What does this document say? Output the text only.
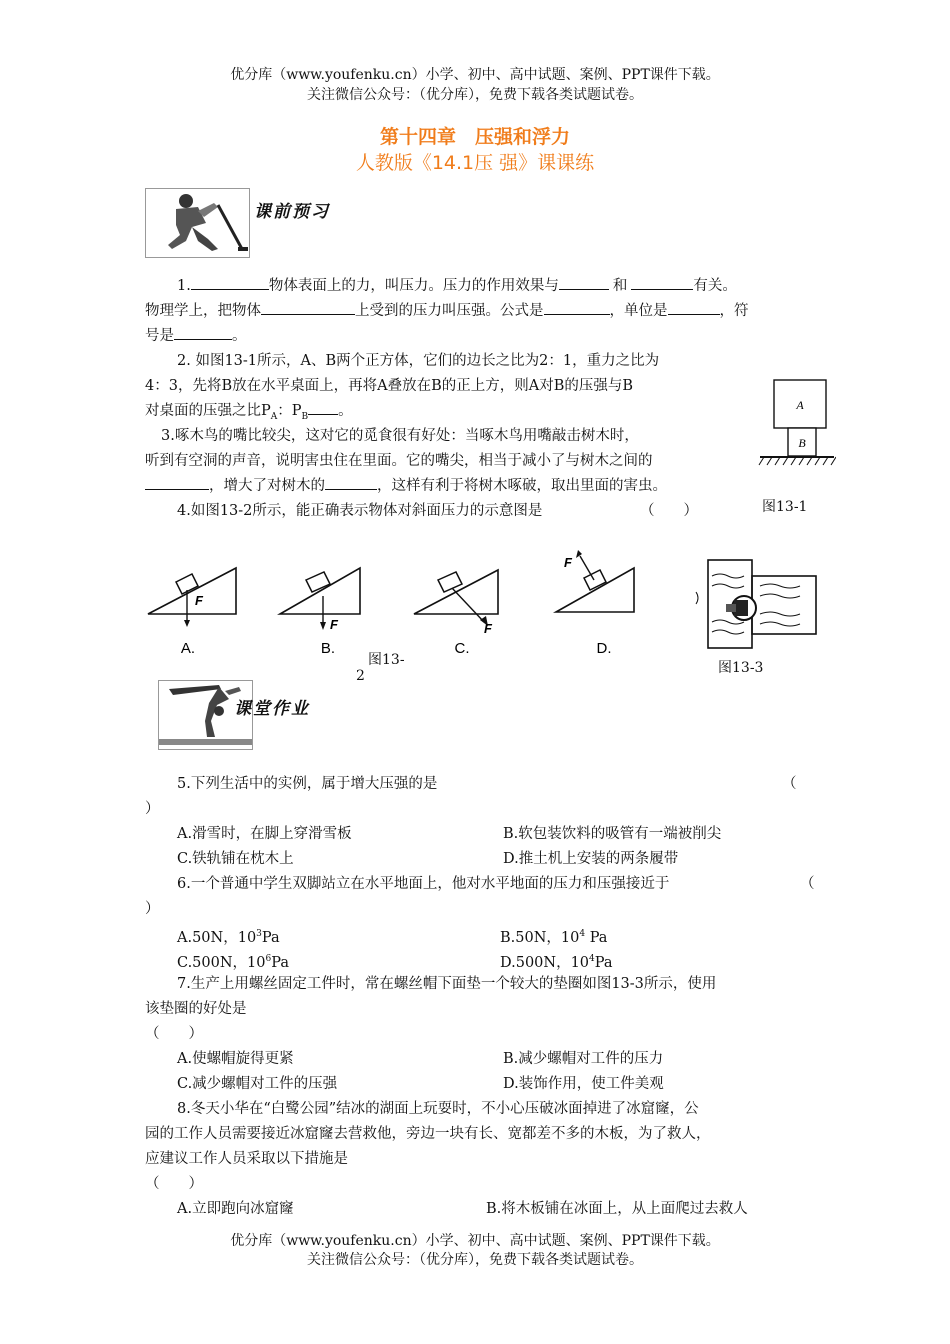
优分库（www.youfenku.cn）小学、初中、高中试题、案例、PPT课件下载。
关注微信公众号：（优分库），免费下载各类试题试卷。
第十四章　压强和浮力
人教版《14.1压 强》课课练
课前预习
1.	物体表面上的力，叫压力。压力的作用效果与	和	有关。
物理学上，把物体	上受到的压力叫压强。公式是	，单位是	，符
号是	。
2. 如图13-1所示，A、B两个正方体，它们的边长之比为2：1，重力之比为
4：3，先将B放在水平桌面上，再将A叠放在B的正上方，则A对B的压强与B
对桌面的压强之比$P_A$：$P_B$ 。	A
B
图13-1
3.啄木鸟的嘴比较尖，这对它的觅食很有好处：当啄木鸟用嘴敲击树木时，
听到有空洞的声音，说明害虫住在里面。它的嘴尖，相当于减小了与树木之间的
，增大了对树木的	，这样有利于将树木啄破，取出里面的害虫。
4.如图13-2所示，能正确表示物体对斜面压力的示意图是	（　　）
F
A.
F
B.
F
C.
F
D.
图13-
2	图13-3
课堂作业
5.下列生活中的实例，属于增大压强的是	（
）
A.滑雪时，在脚上穿滑雪板	B.软包装饮料的吸管有一端被削尖
C.铁轨铺在枕木上	D.推土机上安装的两条履带
6.一个普通中学生双脚站立在水平地面上，他对水平地面的压力和压强接近于	（
）
A.50N，$10^3Pa$	B.50N，$10^4$ Pa
C.500N，$10^6Pa$	D.500N，$10^4Pa$
7.生产上用螺丝固定工件时，常在螺丝帽下面垫一个较大的垫圈如图13-3所示，使用
该垫圈的好处是
（　　）
A.使螺帽旋得更紧	B.减少螺帽对工件的压力
C.减少螺帽对工件的压强	D.装饰作用，使工件美观
8.冬天小华在“白鹭公园”结冰的湖面上玩耍时，不小心压破冰面掉进了冰窟窿，公
园的工作人员需要接近冰窟窿去营救他，旁边一块有长、宽都差不多的木板，为了救人，
应建议工作人员采取以下措施是
（　　）
A.立即跑向冰窟窿	B.将木板铺在冰面上，从上面爬过去救人
优分库（www.youfenku.cn）小学、初中、高中试题、案例、PPT课件下载。
关注微信公众号：（优分库），免费下载各类试题试卷。
